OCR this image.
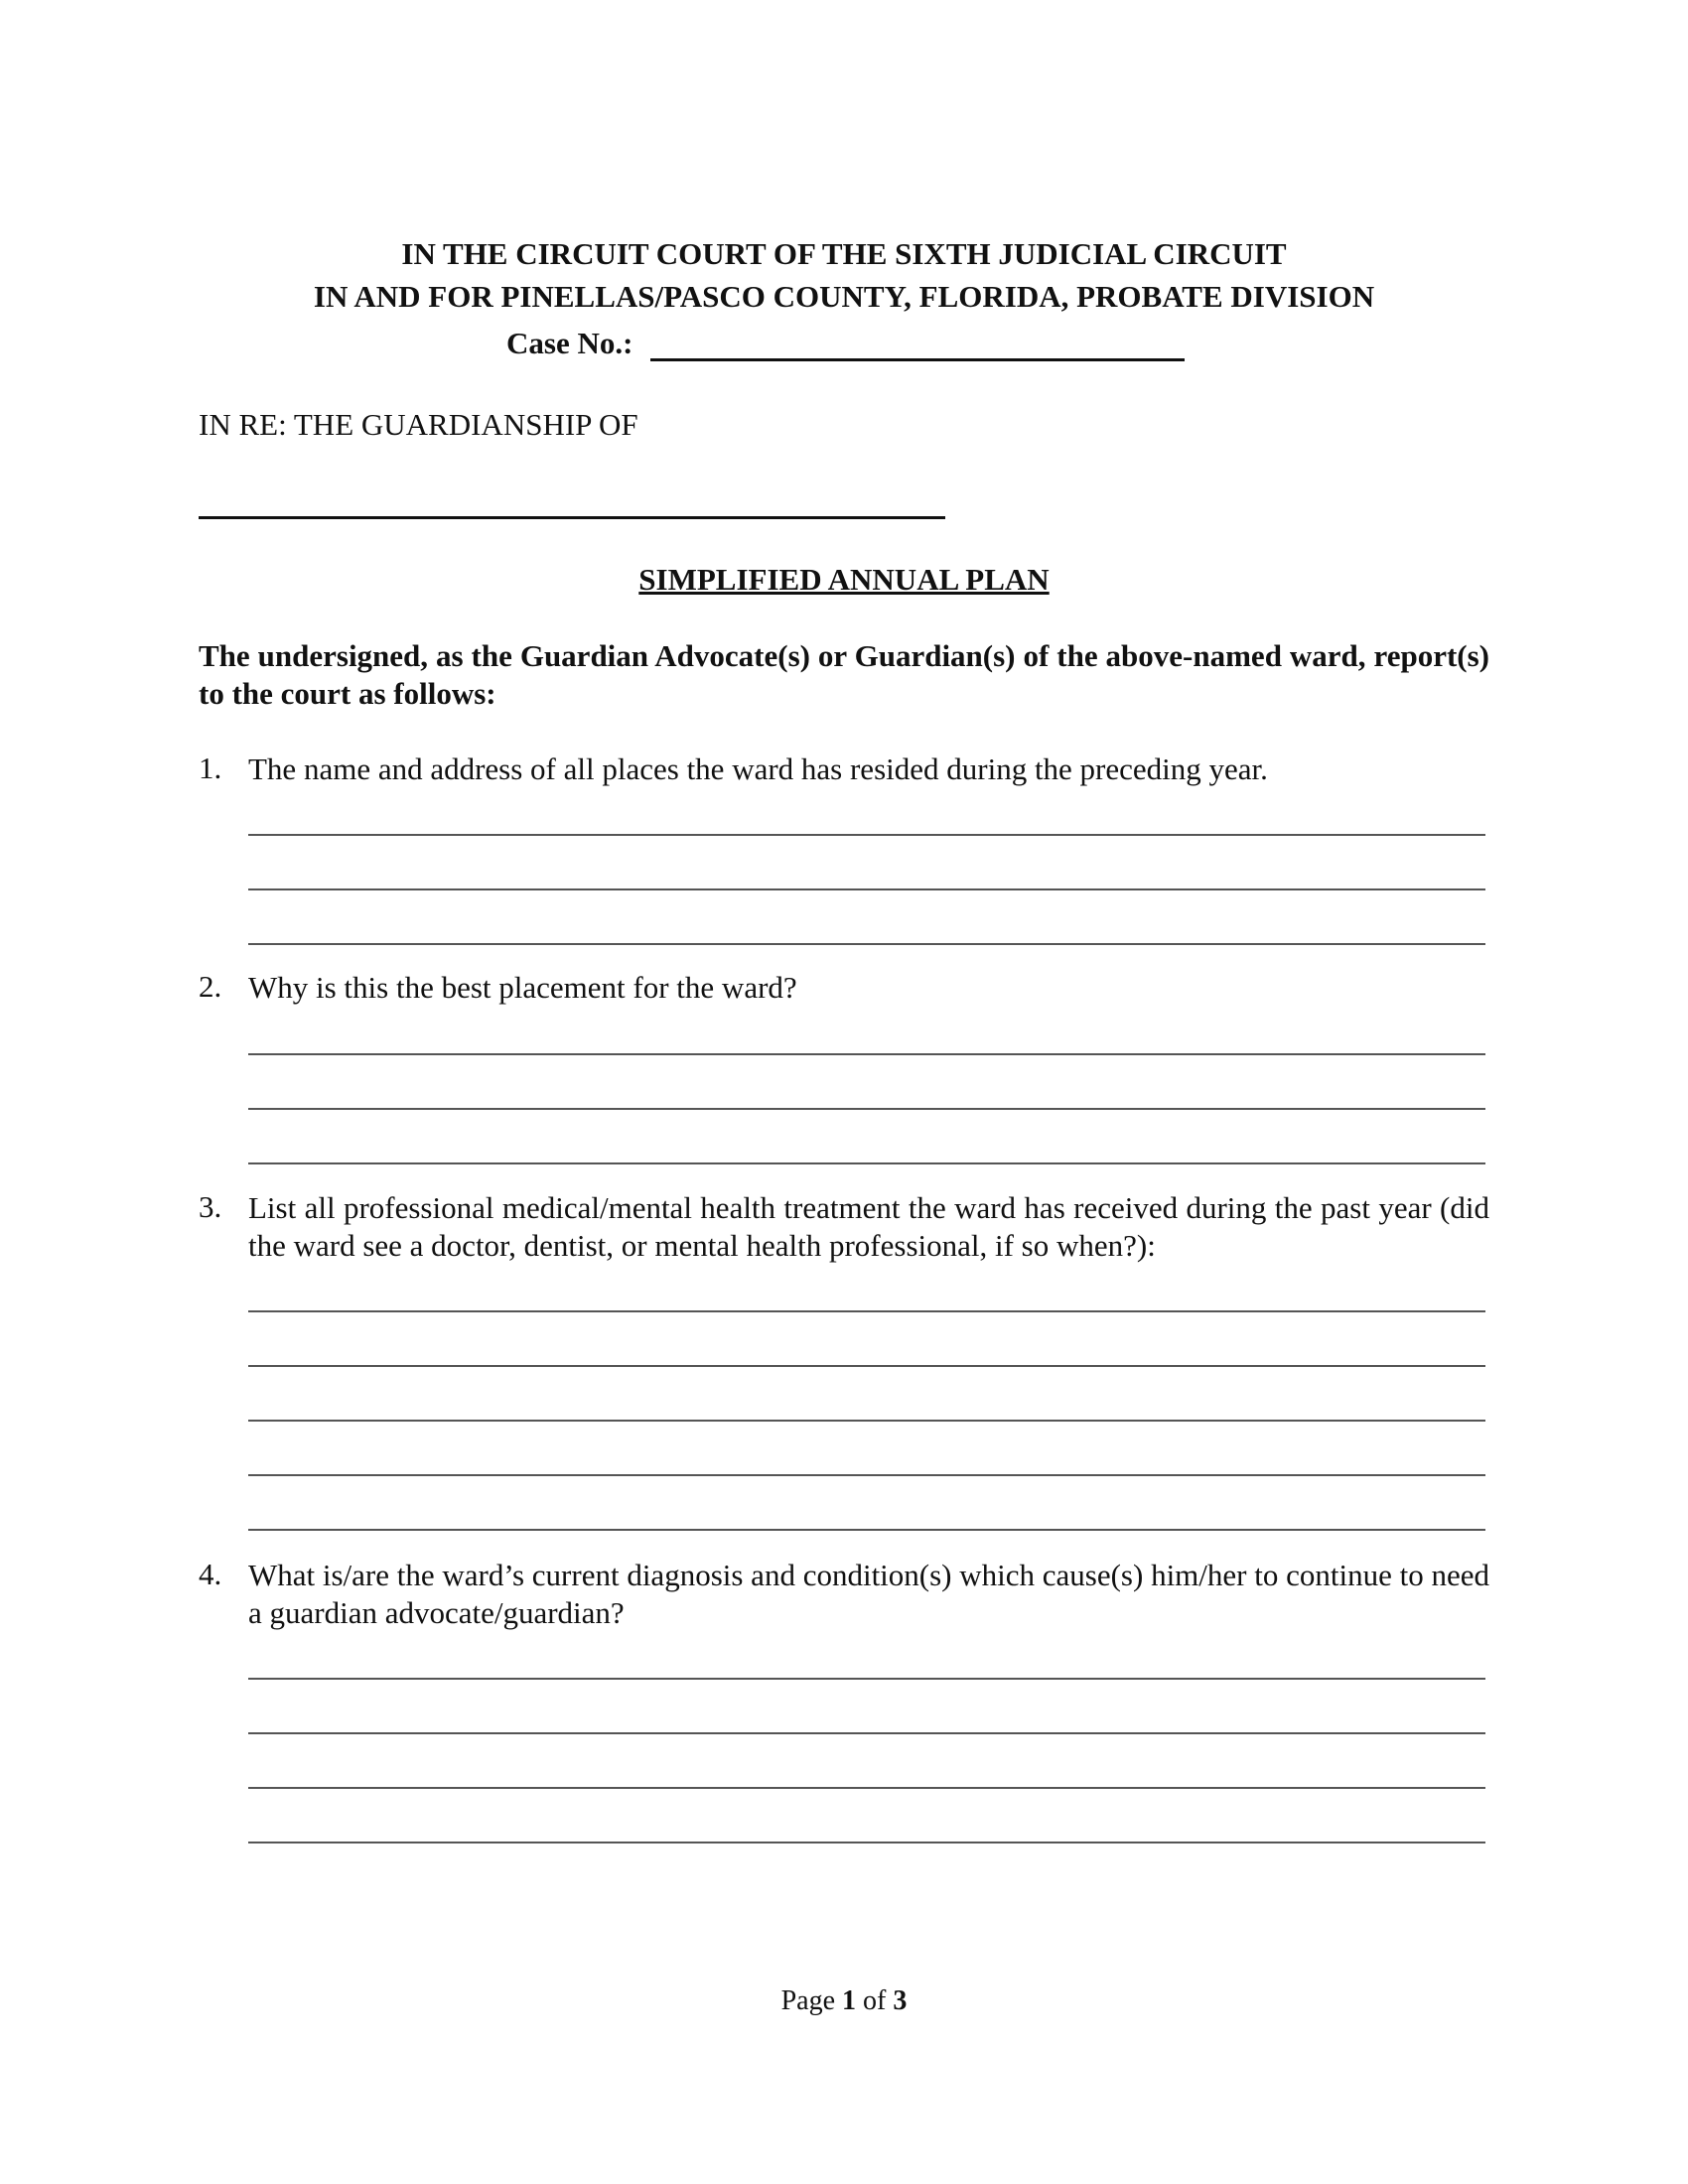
IN THE CIRCUIT COURT OF THE SIXTH JUDICIAL CIRCUIT
IN AND FOR PINELLAS/PASCO COUNTY, FLORIDA, PROBATE DIVISION
Case No.:
IN RE: THE GUARDIANSHIP OF
SIMPLIFIED ANNUAL PLAN
The undersigned, as the Guardian Advocate(s) or Guardian(s) of the above-named ward, report(s) to the court as follows:
1. The name and address of all places the ward has resided during the preceding year.
2. Why is this the best placement for the ward?
3. List all professional medical/mental health treatment the ward has received during the past year (did the ward see a doctor, dentist, or mental health professional, if so when?):
4. What is/are the ward’s current diagnosis and condition(s) which cause(s) him/her to continue to need a guardian advocate/guardian?
Page 1 of 3
